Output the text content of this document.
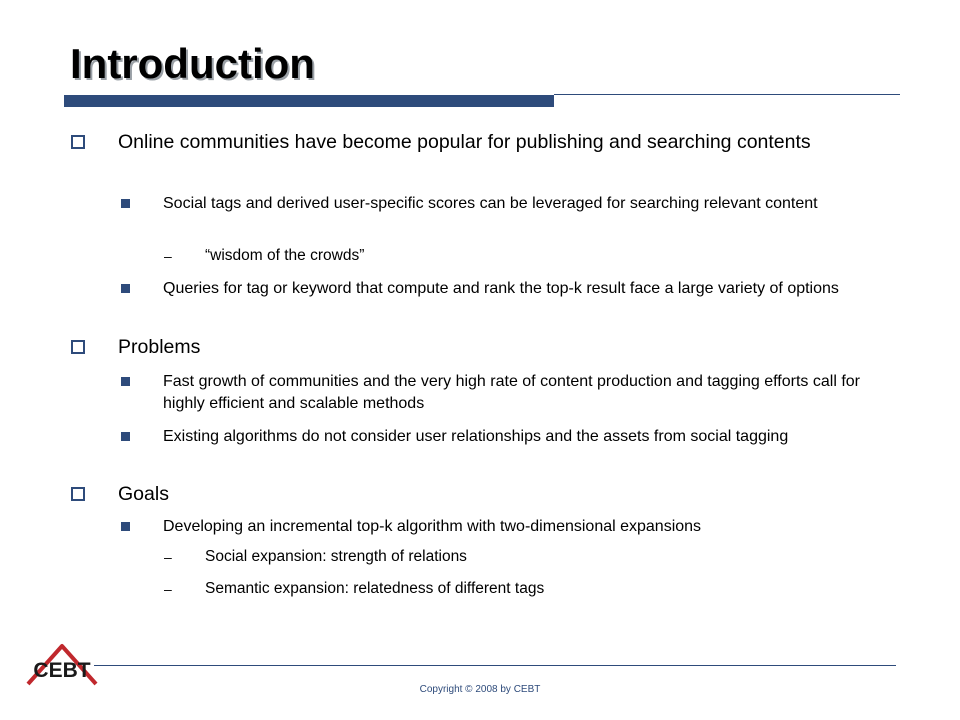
Introduction
Online communities have become popular for publishing and searching contents
Social tags and derived user-specific scores can be leveraged for searching relevant content
– “wisdom of the crowds”
Queries for tag or keyword that compute and rank the top-k result face a large variety of options
Problems
Fast growth of communities and the very high rate of content production and tagging efforts call for highly efficient and scalable methods
Existing algorithms do not consider user relationships and the assets from social tagging
Goals
Developing an incremental top-k algorithm with two-dimensional expansions
– Social expansion: strength of relations
– Semantic expansion: relatedness of different tags
CEBT
Copyright © 2008 by CEBT
